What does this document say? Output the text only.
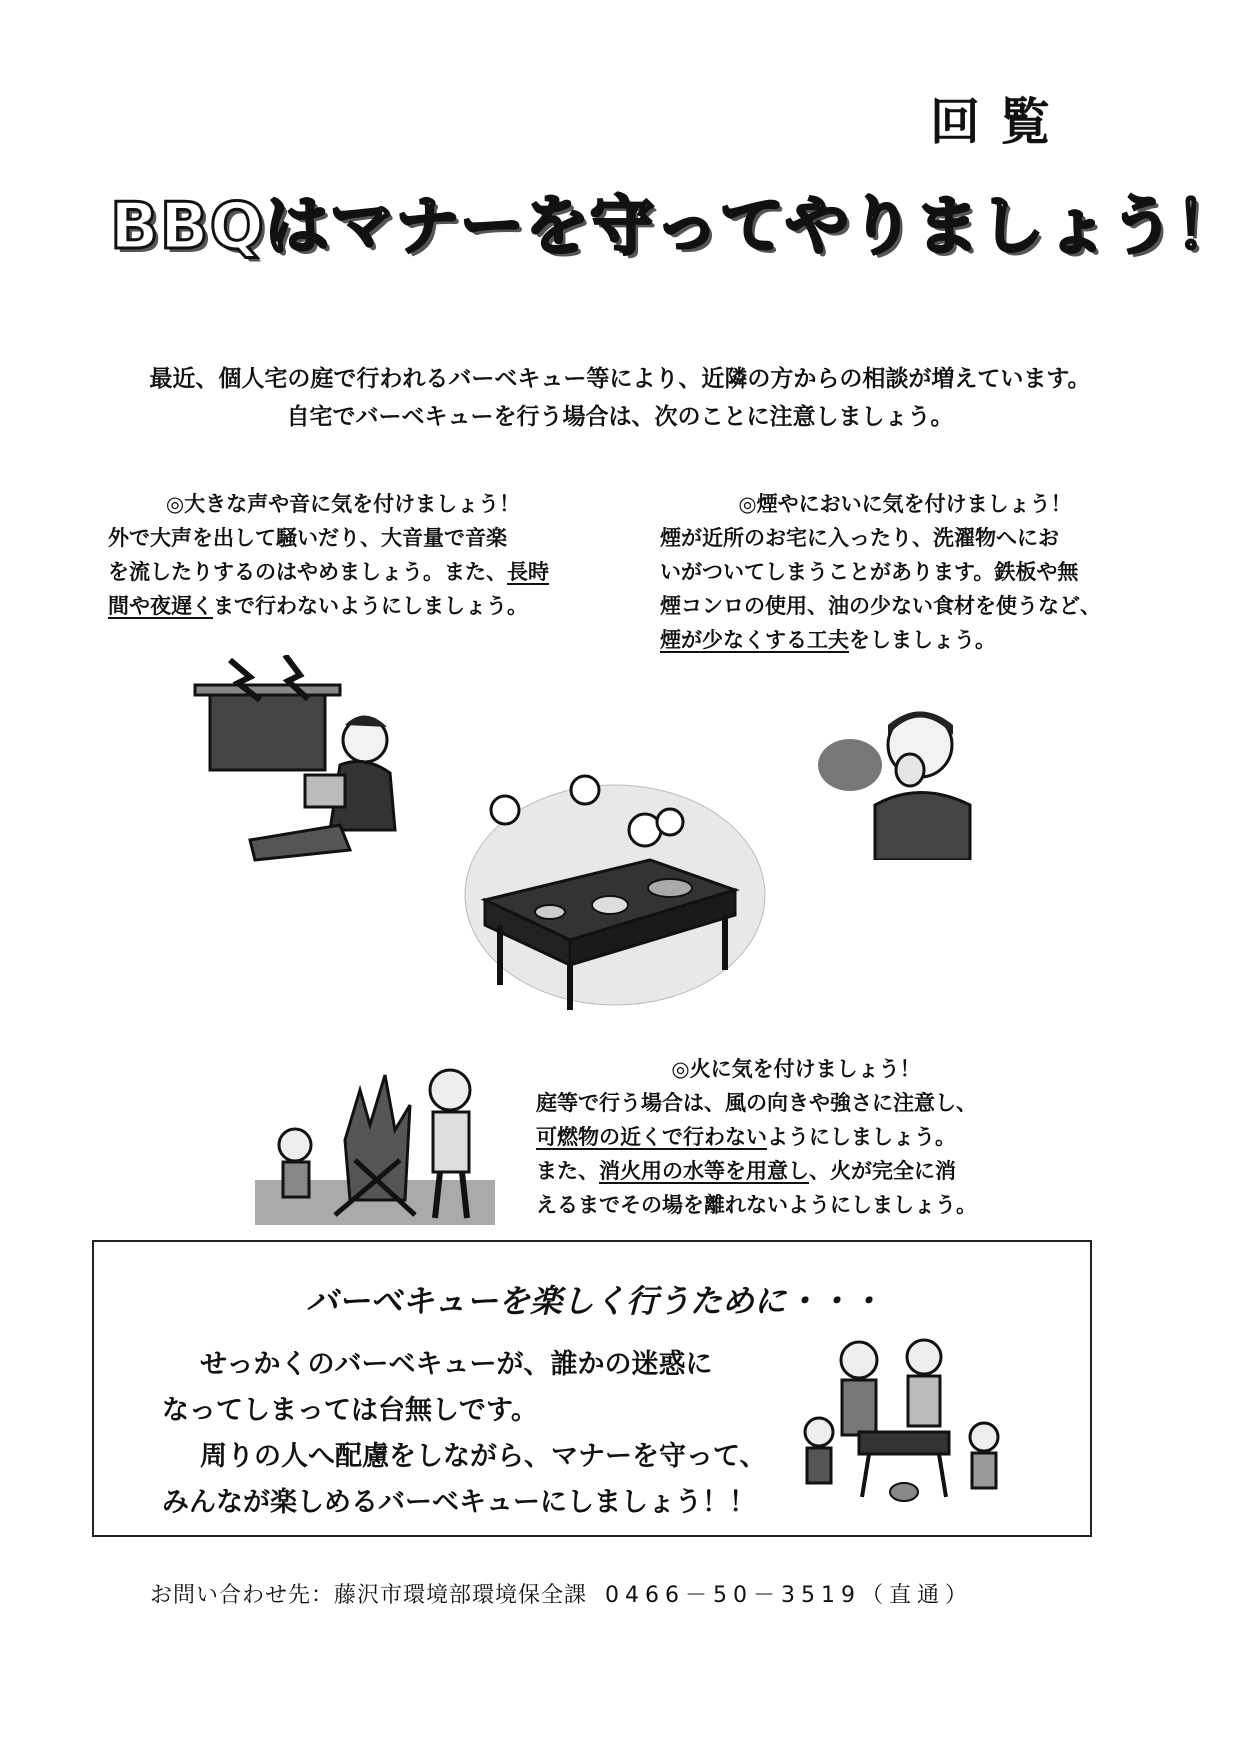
回覧
BBQはマナーを守ってやりましょう！
最近、個人宅の庭で行われるバーベキュー等により、近隣の方からの相談が増えています。
自宅でバーベキューを行う場合は、次のことに注意しましょう。
◎大きな声や音に気を付けましょう！
外で大声を出して騒いだり、大音量で音楽
を流したりするのはやめましょう。また、長時
間や夜遅くまで行わないようにしましょう。
◎煙やにおいに気を付けましょう！
煙が近所のお宅に入ったり、洗濯物へにお
いがついてしまうことがあります。鉄板や無
煙コンロの使用、油の少ない食材を使うなど、
煙が少なくする工夫をしましょう。
◎火に気を付けましょう！
庭等で行う場合は、風の向きや強さに注意し、
可燃物の近くで行わないようにしましょう。
また、消火用の水等を用意し、火が完全に消
えるまでその場を離れないようにしましょう。
バーベキューを楽しく行うために・・・
せっかくのバーベキューが、誰かの迷惑に
なってしまっては台無しです。
周りの人へ配慮をしながら、マナーを守って、
みんなが楽しめるバーベキューにしましょう！！
お問い合わせ先：藤沢市環境部環境保全課 0466－50－3519（直通）
